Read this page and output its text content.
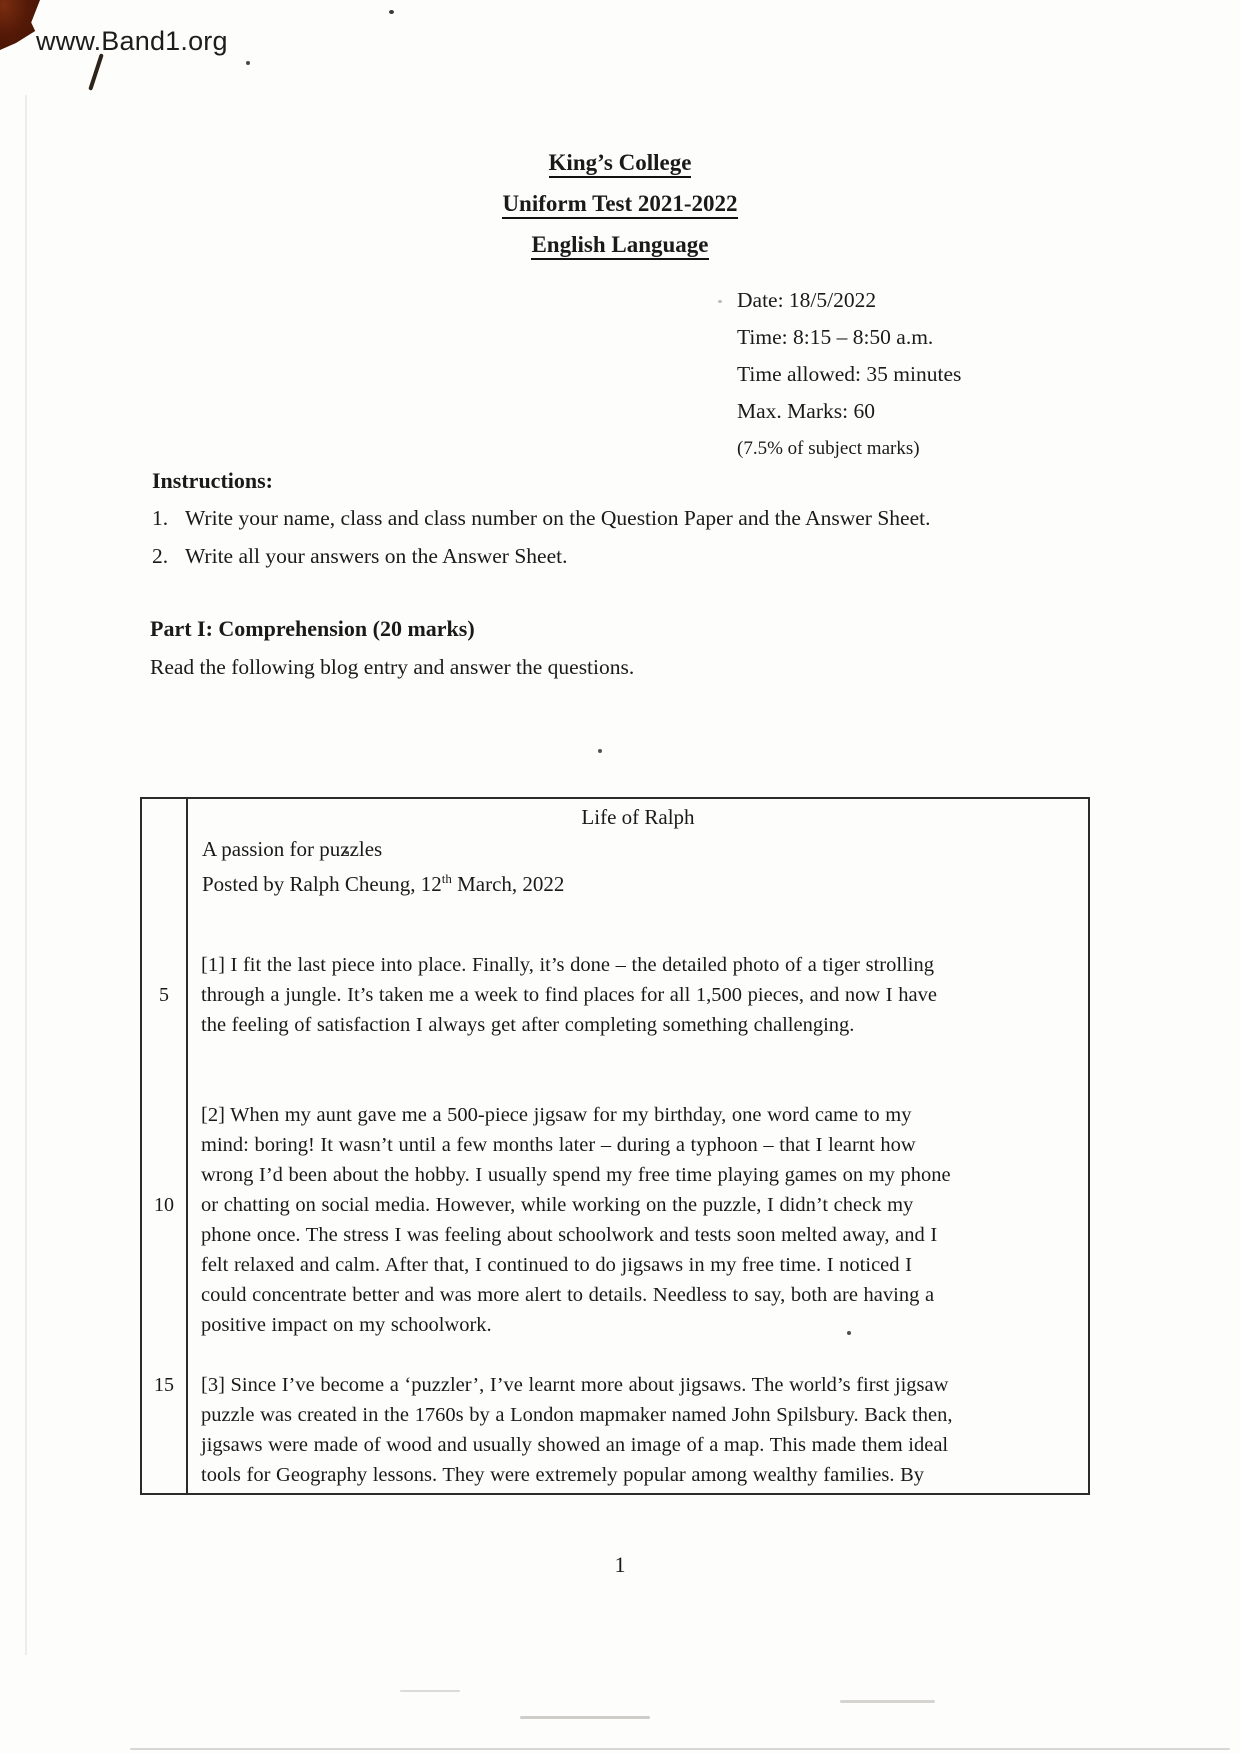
www.Band1.org
King’s College
Uniform Test 2021-2022
English Language
Date: 18/5/2022
Time: 8:15 – 8:50 a.m.
Time allowed: 35 minutes
Max. Marks: 60
(7.5% of subject marks)
Instructions:
1. Write your name, class and class number on the Question Paper and the Answer Sheet.
2. Write all your answers on the Answer Sheet.
Part I: Comprehension (20 marks)
Read the following blog entry and answer the questions.
Life of Ralph
A passion for puzzles
Posted by Ralph Cheung, 12th March, 2022
[1] I fit the last piece into place. Finally, it’s done – the detailed photo of a tiger strolling
5	through a jungle. It’s taken me a week to find places for all 1,500 pieces, and now I have
the feeling of satisfaction I always get after completing something challenging.
[2] When my aunt gave me a 500-piece jigsaw for my birthday, one word came to my
mind: boring! It wasn’t until a few months later – during a typhoon – that I learnt how
wrong I’d been about the hobby. I usually spend my free time playing games on my phone
10	or chatting on social media. However, while working on the puzzle, I didn’t check my
phone once. The stress I was feeling about schoolwork and tests soon melted away, and I
felt relaxed and calm. After that, I continued to do jigsaws in my free time. I noticed I
could concentrate better and was more alert to details. Needless to say, both are having a
positive impact on my schoolwork.
15	[3] Since I’ve become a ‘puzzler’, I’ve learnt more about jigsaws. The world’s first jigsaw
puzzle was created in the 1760s by a London mapmaker named John Spilsbury. Back then,
jigsaws were made of wood and usually showed an image of a map. This made them ideal
tools for Geography lessons. They were extremely popular among wealthy families. By
1
